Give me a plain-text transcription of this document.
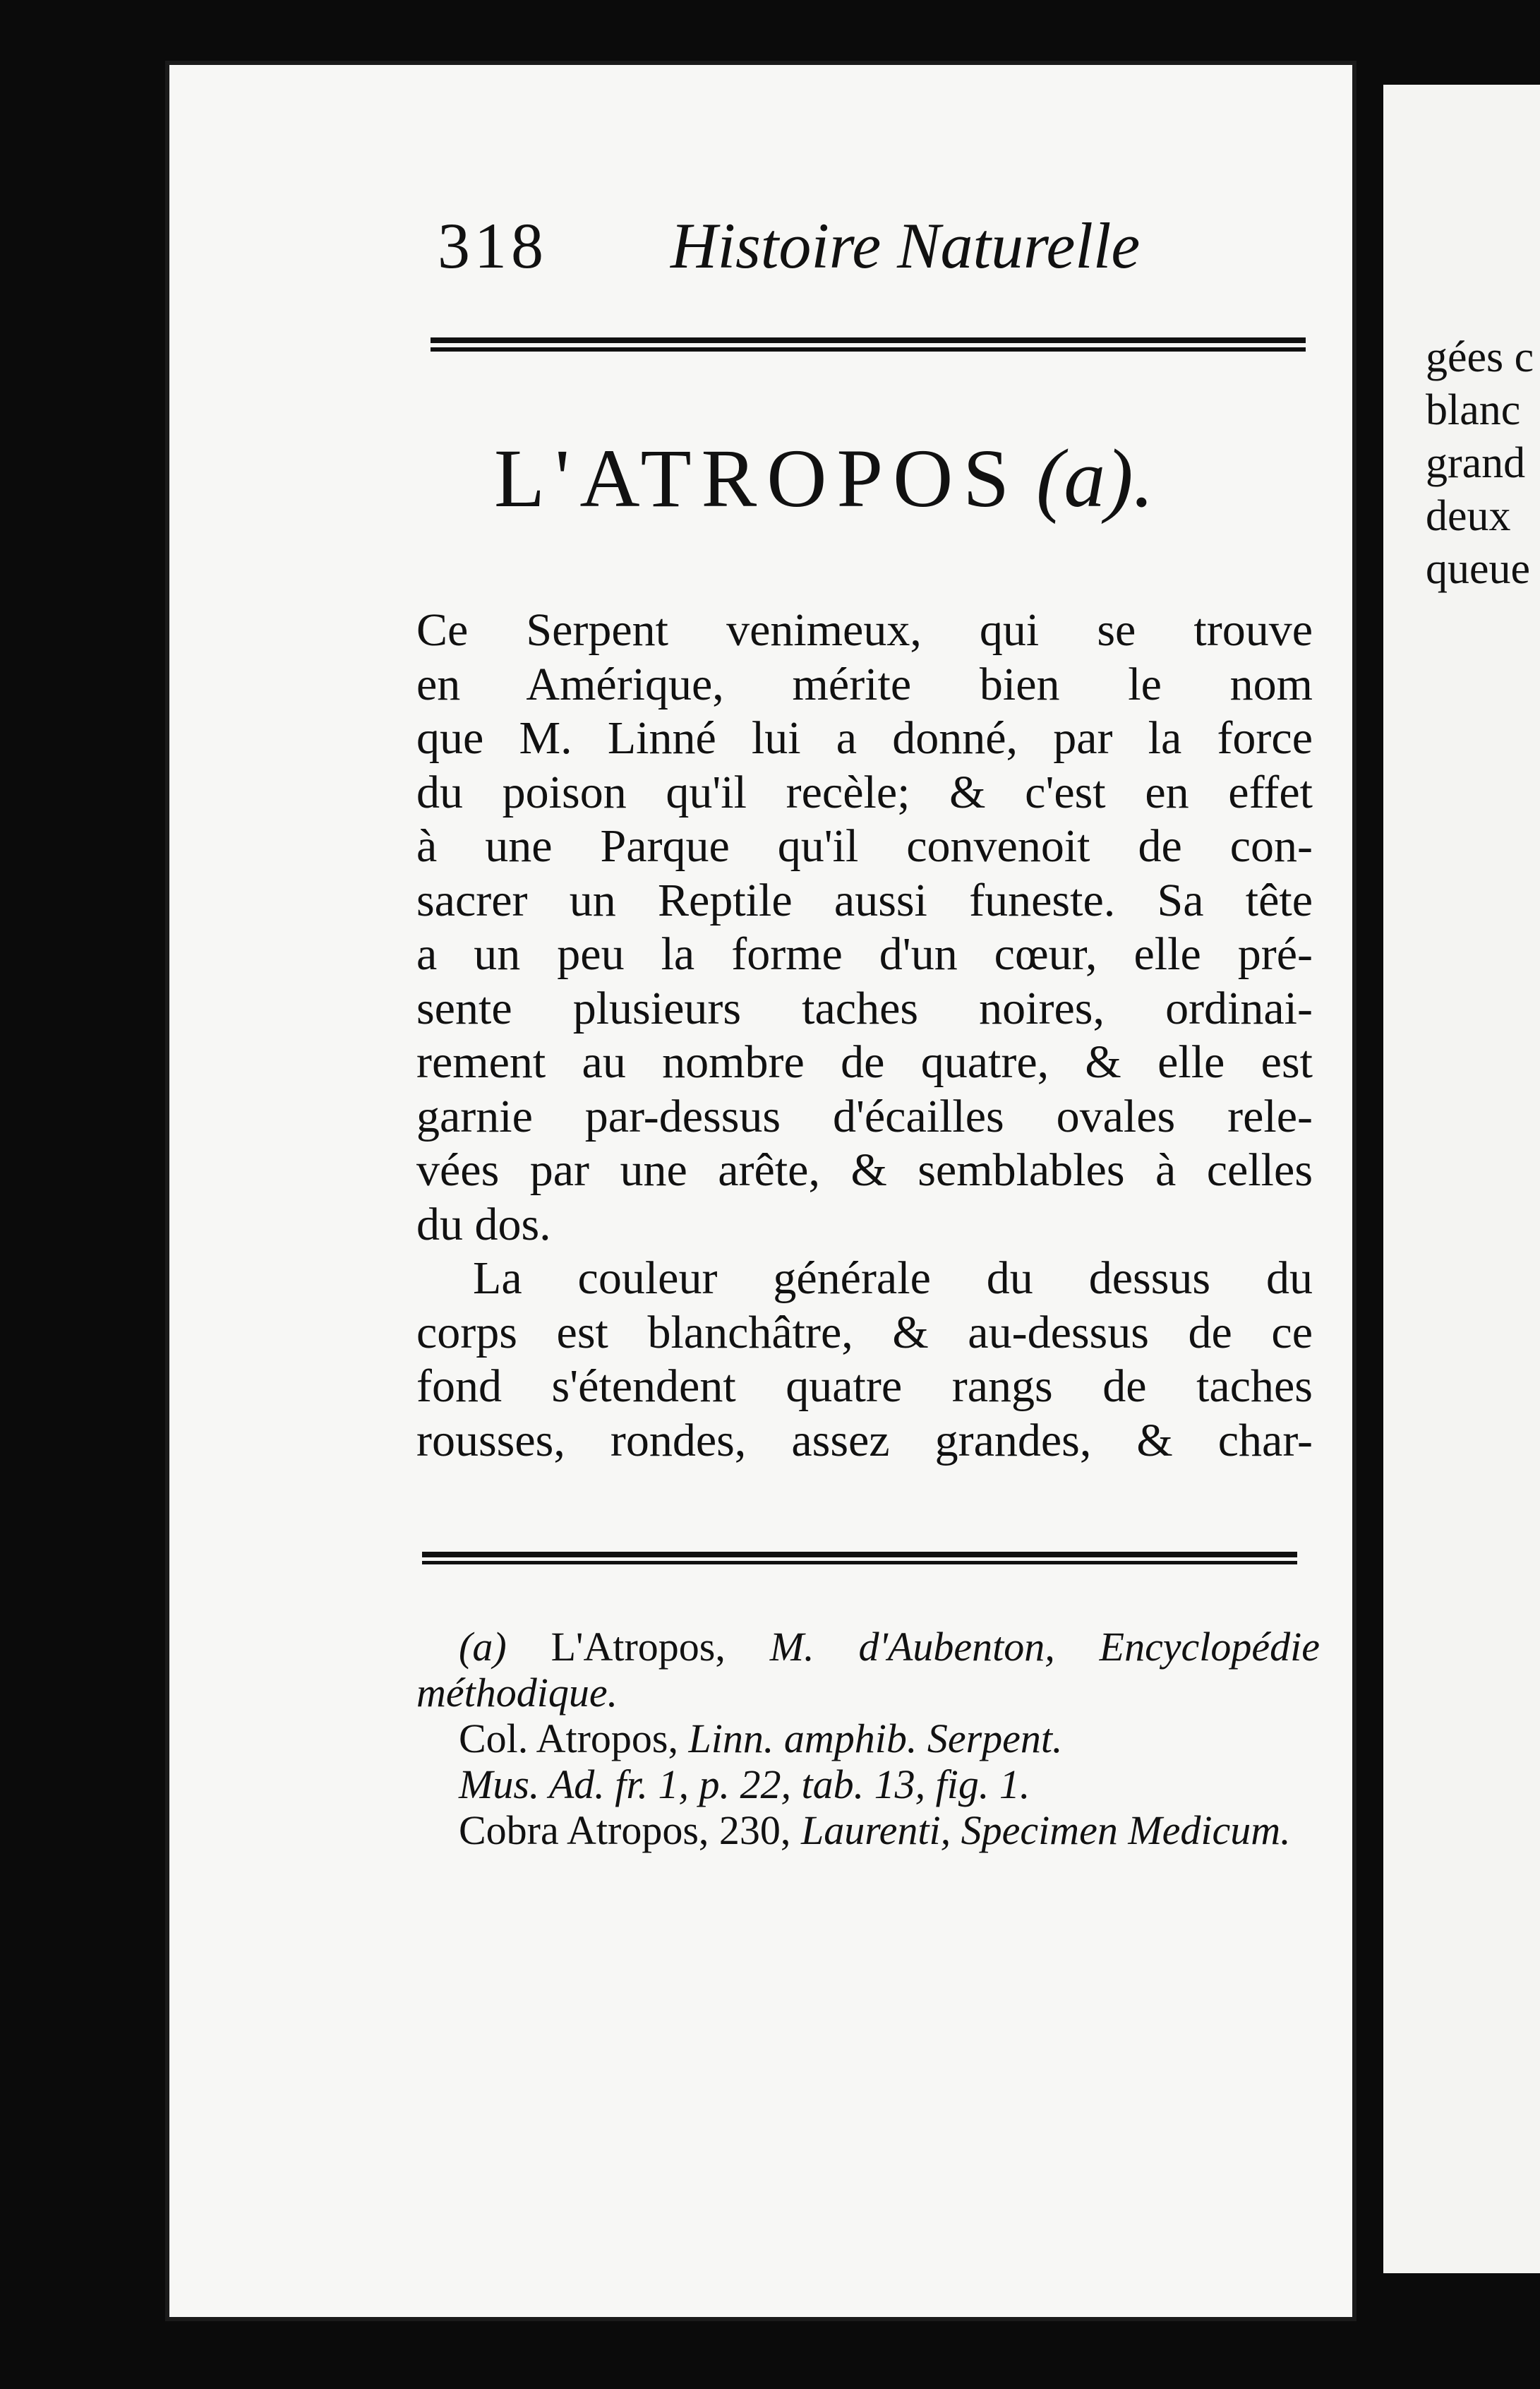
gées c
blanc
grand
deux
queue
318 Histoire Naturelle
L'ATROPOS (a).
Ce Serpent venimeux, qui se trouve
en Amérique, mérite bien le nom
que M. Linné lui a donné, par la force
du poison qu'il recèle; & c'est en effet
à une Parque qu'il convenoit de con-
sacrer un Reptile aussi funeste. Sa tête
a un peu la forme d'un cœur, elle pré-
sente plusieurs taches noires, ordinai-
rement au nombre de quatre, & elle est
garnie par-dessus d'écailles ovales rele-
vées par une arête, & semblables à celles
du dos.
La couleur générale du dessus du
corps est blanchâtre, & au-dessus de ce
fond s'étendent quatre rangs de taches
rousses, rondes, assez grandes, & char-
(a) L'Atropos, M. d'Aubenton, Encyclopédie
méthodique.
Col. Atropos, Linn. amphib. Serpent.
Mus. Ad. fr. 1, p. 22, tab. 13, fig. 1.
Cobra Atropos, 230, Laurenti, Specimen Medicum.
